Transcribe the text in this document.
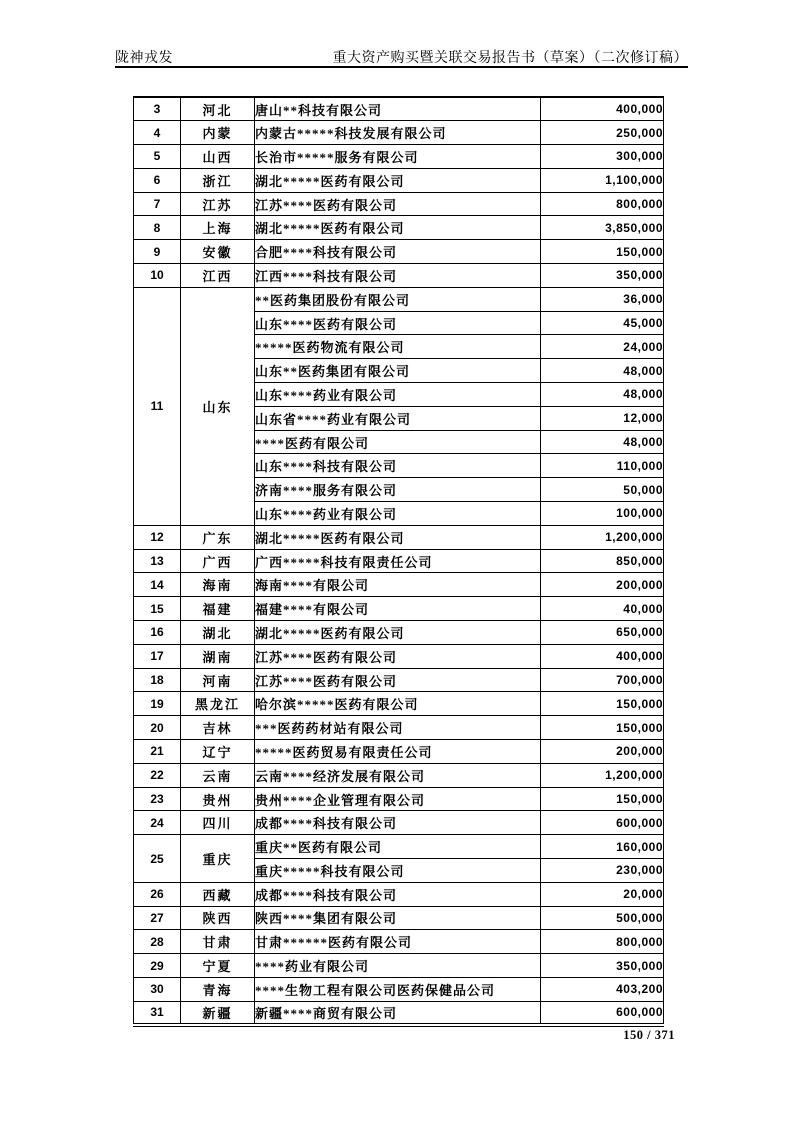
陇神戎发	重大资产购买暨关联交易报告书（草案）（二次修订稿）
3	河北	唐山**科技有限公司	400,000
4	内蒙	内蒙古*****科技发展有限公司	250,000
5	山西	长治市*****服务有限公司	300,000
6	浙江	湖北*****医药有限公司	1,100,000
7	江苏	江苏****医药有限公司	800,000
8	上海	湖北*****医药有限公司	3,850,000
9	安徽	合肥****科技有限公司	150,000
10	江西	江西****科技有限公司	350,000
11	山东	**医药集团股份有限公司	36,000
		山东****医药有限公司	45,000
		*****医药物流有限公司	24,000
		山东**医药集团有限公司	48,000
		山东****药业有限公司	48,000
		山东省****药业有限公司	12,000
		****医药有限公司	48,000
		山东****科技有限公司	110,000
		济南****服务有限公司	50,000
		山东****药业有限公司	100,000
12	广东	湖北*****医药有限公司	1,200,000
13	广西	广西*****科技有限责任公司	850,000
14	海南	海南****有限公司	200,000
15	福建	福建****有限公司	40,000
16	湖北	湖北*****医药有限公司	650,000
17	湖南	江苏****医药有限公司	400,000
18	河南	江苏****医药有限公司	700,000
19	黑龙江	哈尔滨*****医药有限公司	150,000
20	吉林	***医药药材站有限公司	150,000
21	辽宁	*****医药贸易有限责任公司	200,000
22	云南	云南****经济发展有限公司	1,200,000
23	贵州	贵州****企业管理有限公司	150,000
24	四川	成都****科技有限公司	600,000
25	重庆	重庆**医药有限公司	160,000
		重庆*****科技有限公司	230,000
26	西藏	成都****科技有限公司	20,000
27	陕西	陕西****集团有限公司	500,000
28	甘肃	甘肃******医药有限公司	800,000
29	宁夏	****药业有限公司	350,000
30	青海	****生物工程有限公司医药保健品公司	403,200
31	新疆	新疆****商贸有限公司	600,000
150 / 371
